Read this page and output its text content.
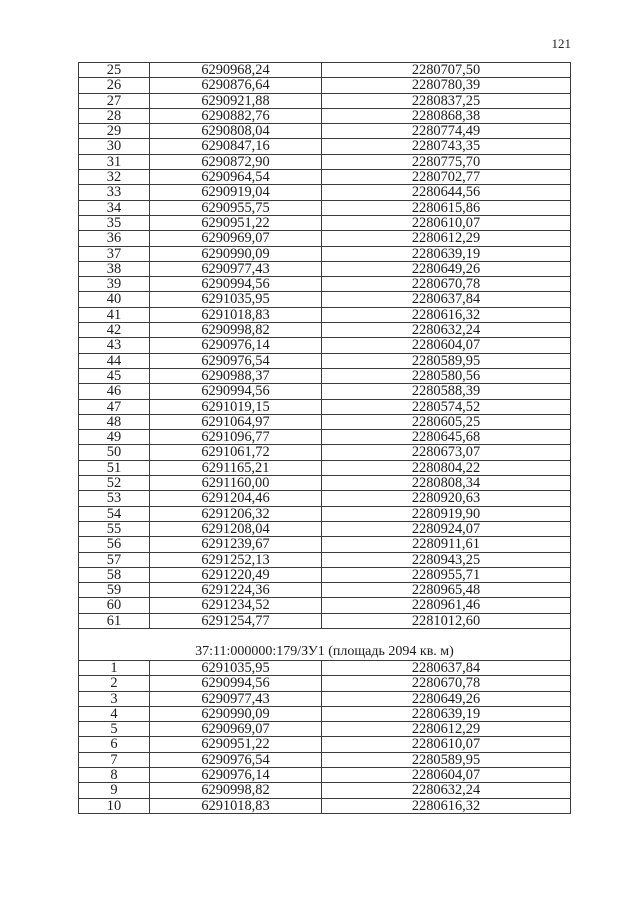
121
25	6290968,24	2280707,50
26	6290876,64	2280780,39
27	6290921,88	2280837,25
28	6290882,76	2280868,38
29	6290808,04	2280774,49
30	6290847,16	2280743,35
31	6290872,90	2280775,70
32	6290964,54	2280702,77
33	6290919,04	2280644,56
34	6290955,75	2280615,86
35	6290951,22	2280610,07
36	6290969,07	2280612,29
37	6290990,09	2280639,19
38	6290977,43	2280649,26
39	6290994,56	2280670,78
40	6291035,95	2280637,84
41	6291018,83	2280616,32
42	6290998,82	2280632,24
43	6290976,14	2280604,07
44	6290976,54	2280589,95
45	6290988,37	2280580,56
46	6290994,56	2280588,39
47	6291019,15	2280574,52
48	6291064,97	2280605,25
49	6291096,77	2280645,68
50	6291061,72	2280673,07
51	6291165,21	2280804,22
52	6291160,00	2280808,34
53	6291204,46	2280920,63
54	6291206,32	2280919,90
55	6291208,04	2280924,07
56	6291239,67	2280911,61
57	6291252,13	2280943,25
58	6291220,49	2280955,71
59	6291224,36	2280965,48
60	6291234,52	2280961,46
61	6291254,77	2281012,60
37:11:000000:179/ЗУ1 (площадь 2094 кв. м)		
1	6291035,95	2280637,84
2	6290994,56	2280670,78
3	6290977,43	2280649,26
4	6290990,09	2280639,19
5	6290969,07	2280612,29
6	6290951,22	2280610,07
7	6290976,54	2280589,95
8	6290976,14	2280604,07
9	6290998,82	2280632,24
10	6291018,83	2280616,32
